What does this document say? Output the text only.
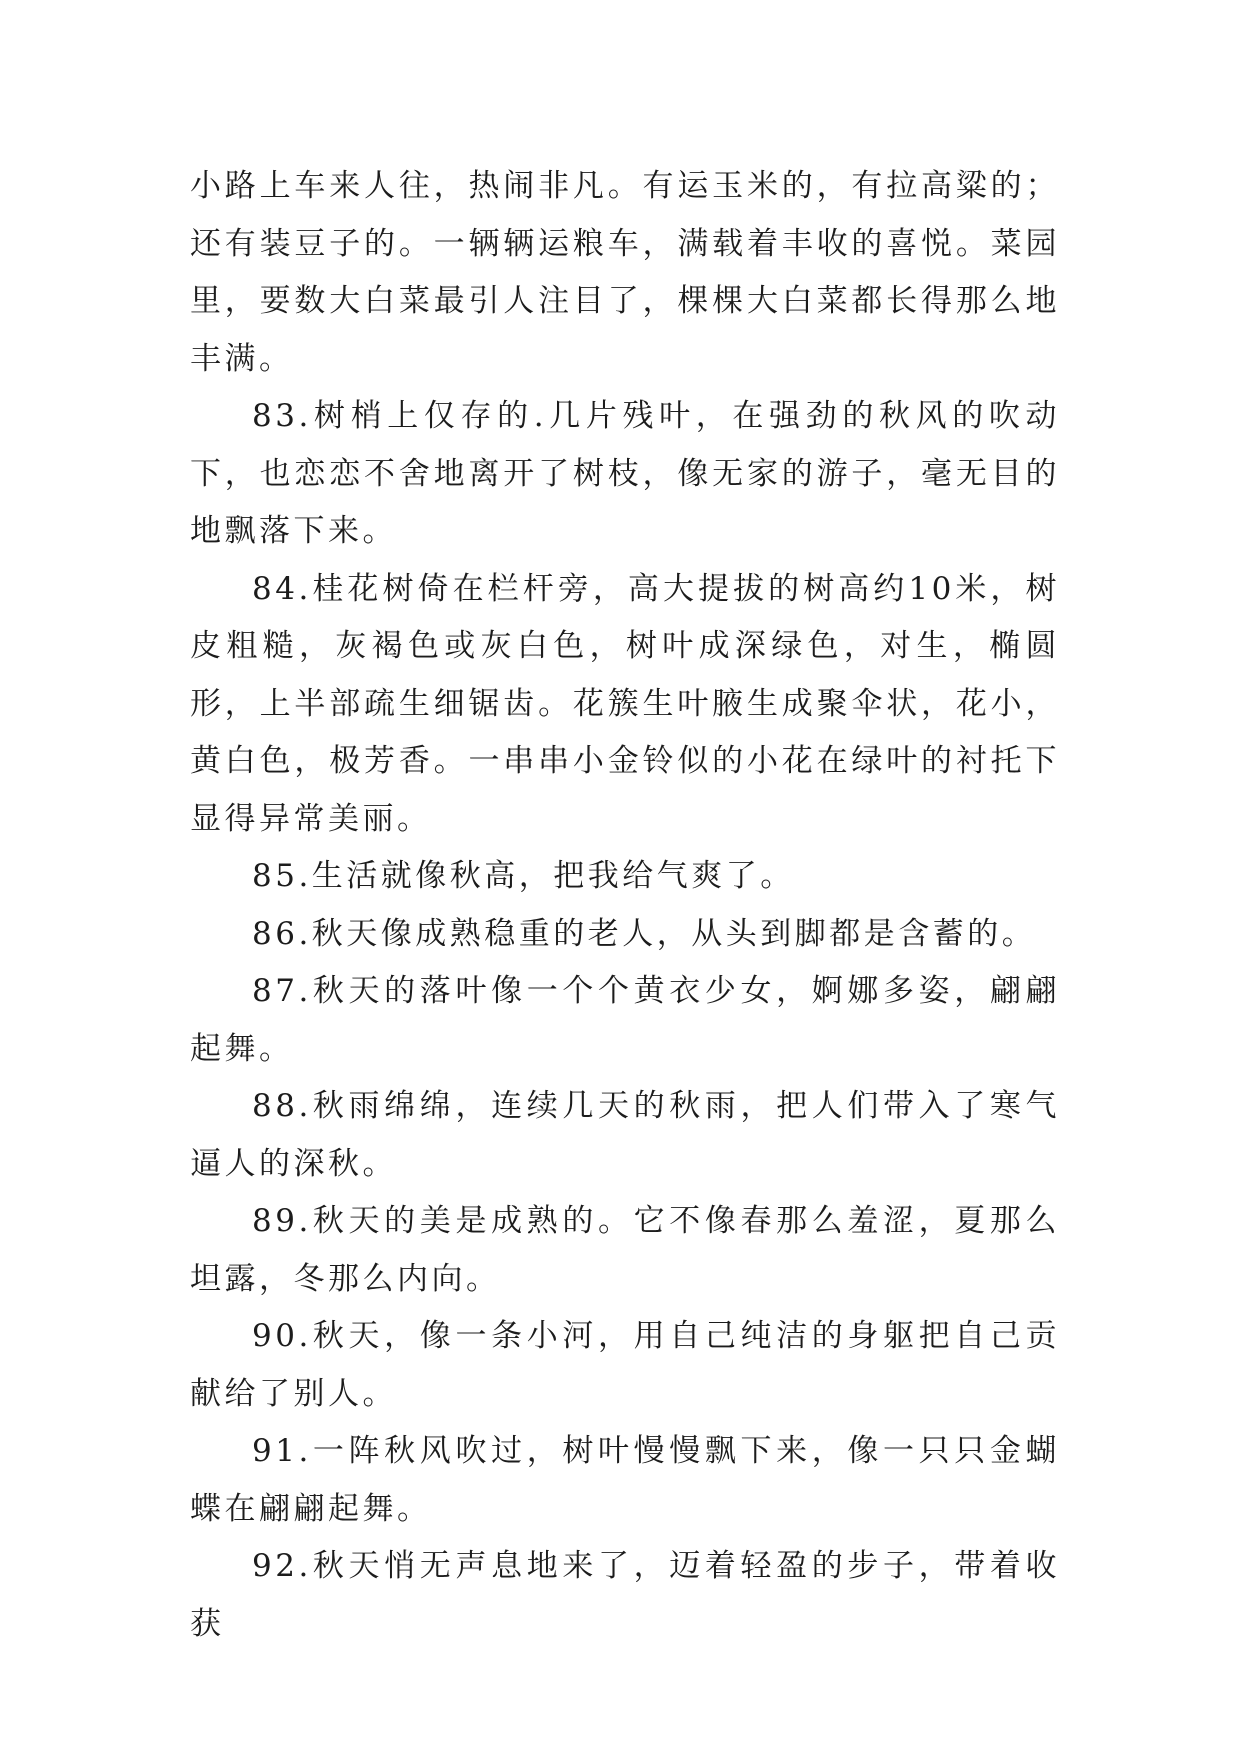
小路上车来人往，热闹非凡。有运玉米的，有拉高粱的；还有装豆子的。一辆辆运粮车，满载着丰收的喜悦。菜园里，要数大白菜最引人注目了，棵棵大白菜都长得那么地丰满。

83.树梢上仅存的.几片残叶，在强劲的秋风的吹动下，也恋恋不舍地离开了树枝，像无家的游子，毫无目的地飘落下来。

84.桂花树倚在栏杆旁，高大提拔的树高约10米，树皮粗糙，灰褐色或灰白色，树叶成深绿色，对生，椭圆形，上半部疏生细锯齿。花簇生叶腋生成聚伞状，花小，黄白色，极芳香。一串串小金铃似的小花在绿叶的衬托下显得异常美丽。

85.生活就像秋高，把我给气爽了。

86.秋天像成熟稳重的老人，从头到脚都是含蓄的。

87.秋天的落叶像一个个黄衣少女，婀娜多姿，翩翩起舞。

88.秋雨绵绵，连续几天的秋雨，把人们带入了寒气逼人的深秋。

89.秋天的美是成熟的。它不像春那么羞涩，夏那么坦露，冬那么内向。

90.秋天，像一条小河，用自己纯洁的身躯把自己贡献给了别人。

91.一阵秋风吹过，树叶慢慢飘下来，像一只只金蝴蝶在翩翩起舞。

92.秋天悄无声息地来了，迈着轻盈的步子，带着收获
